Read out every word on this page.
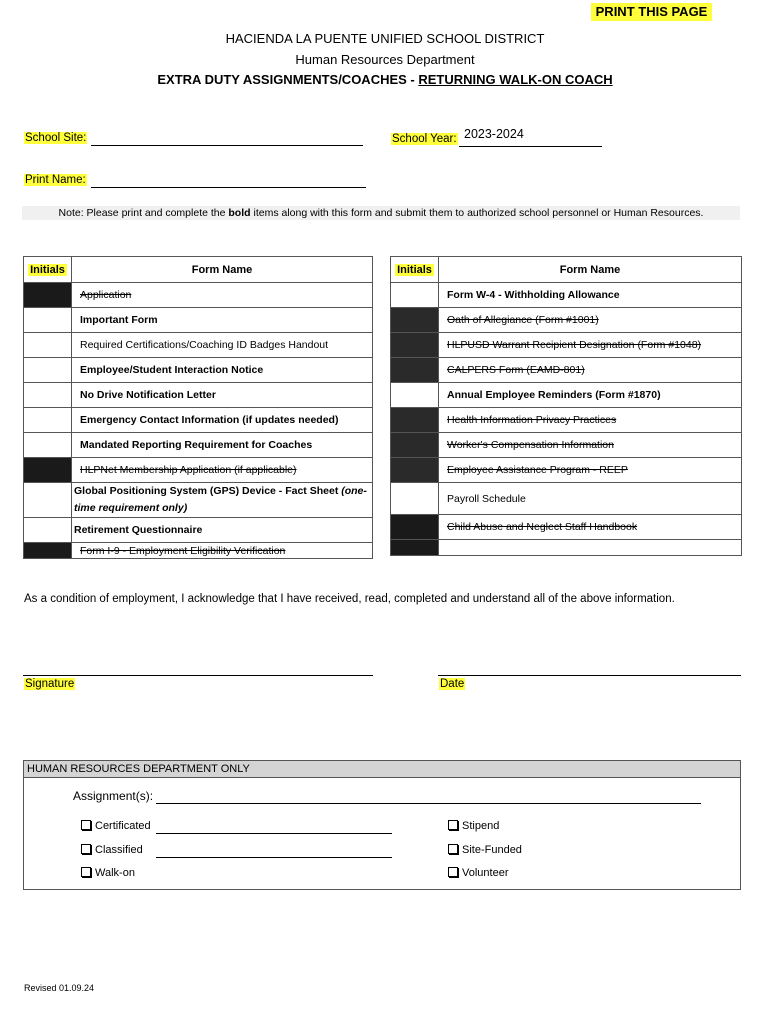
PRINT THIS PAGE
HACIENDA LA PUENTE UNIFIED SCHOOL DISTRICT
Human Resources Department
EXTRA DUTY ASSIGNMENTS/COACHES - RETURNING WALK-ON COACH
School Site:	School Year: 2023-2024
Print Name:
Note: Please print and complete the bold items along with this form and submit them to authorized school personnel or Human Resources.
Initials	Form Name
	Application
	Important Form
	Required Certifications/Coaching ID Badges Handout
	Employee/Student Interaction Notice
	No Drive Notification Letter
	Emergency Contact Information (if updates needed)
	Mandated Reporting Requirement for Coaches
	HLPNet Membership Application (if applicable)
	Global Positioning System (GPS) Device - Fact Sheet (one-time requirement only)
	Retirement Questionnaire
	Form I-9 - Employment Eligibility Verification
Initials	Form Name
	Form W-4 - Withholding Allowance
	Oath of Allegiance (Form #1001)
	HLPUSD Warrant Recipient Designation (Form #1048)
	CALPERS Form (EAMD-801)
	Annual Employee Reminders (Form #1870)
	Health Information Privacy Practices
	Worker's Compensation Information
	Employee Assistance Program - REEP
	Payroll Schedule
	Child Abuse and Neglect Staff Handbook

As a condition of employment, I acknowledge that I have received, read, completed and understand all of the above information.
Signature	Date
HUMAN RESOURCES DEPARTMENT ONLY
Assignment(s):
Certificated
Classified
Walk-on
Stipend
Site-Funded
Volunteer
Revised 01.09.24
